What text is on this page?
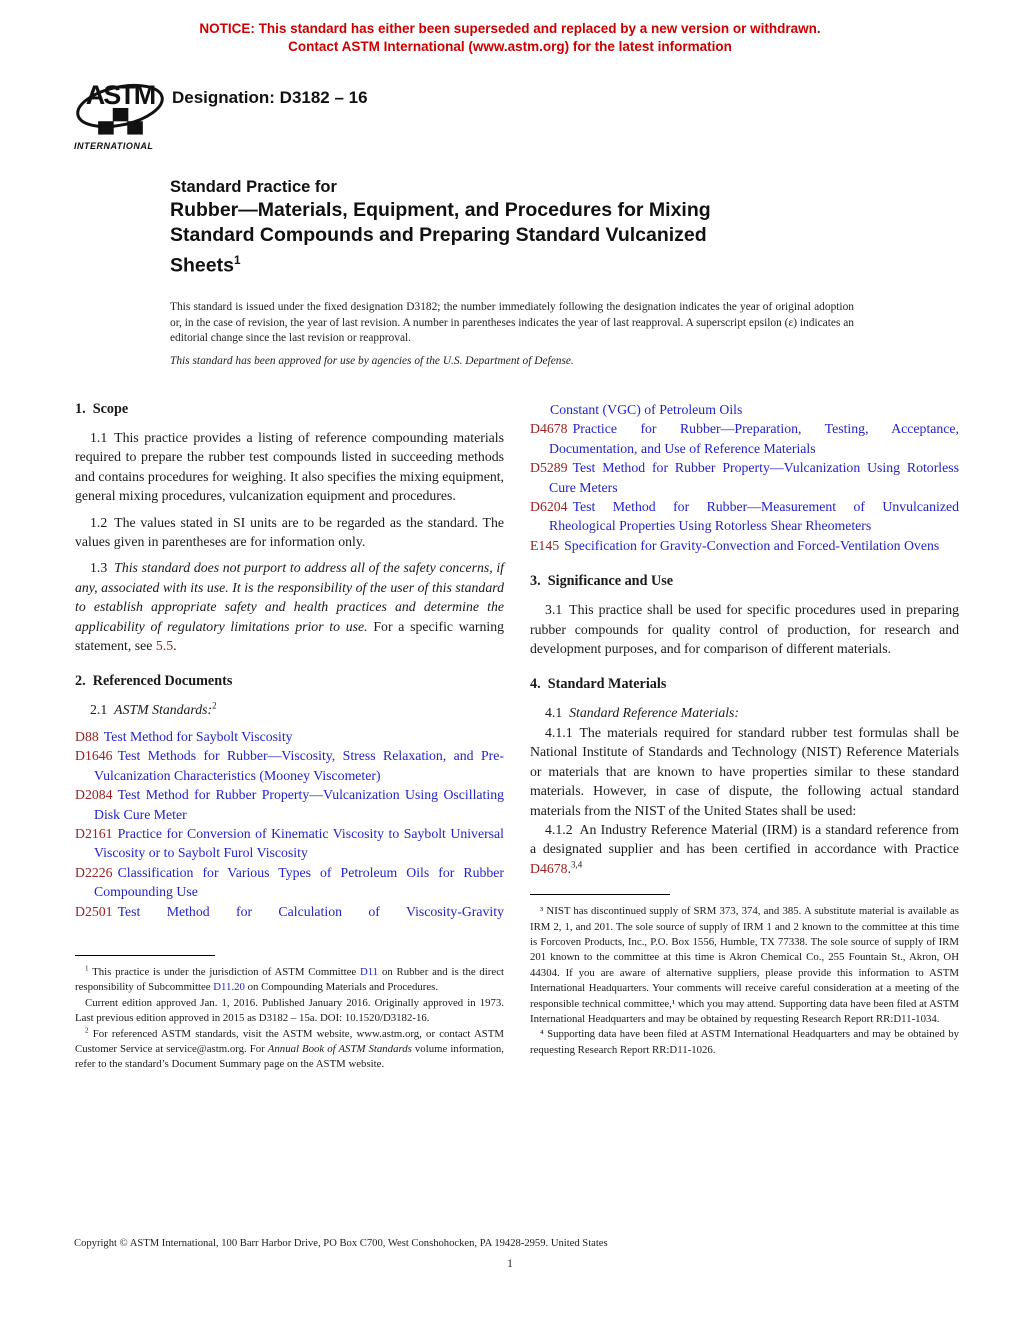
NOTICE: This standard has either been superseded and replaced by a new version or withdrawn.
Contact ASTM International (www.astm.org) for the latest information
ASTM
▄▀▄
INTERNATIONAL
Designation: D3182 – 16
Standard Practice for
Rubber—Materials, Equipment, and Procedures for Mixing
Standard Compounds and Preparing Standard Vulcanized
Sheets$^1$
This standard is issued under the fixed designation D3182; the number immediately following the designation indicates the year of original adoption or, in the case of revision, the year of last revision. A number in parentheses indicates the year of last reapproval. A superscript epsilon (ε) indicates an editorial change since the last revision or reapproval.
This standard has been approved for use by agencies of the U.S. Department of Defense.
1. Scope

1.1 This practice provides a listing of reference compounding materials required to prepare the rubber test compounds listed in succeeding methods and contains procedures for weighing. It also specifies the mixing equipment, general mixing procedures, vulcanization equipment and procedures.

1.2 The values stated in SI units are to be regarded as the standard. The values given in parentheses are for information only.

1.3 This standard does not purport to address all of the safety concerns, if any, associated with its use. It is the responsibility of the user of this standard to establish appropriate safety and health practices and determine the applicability of regulatory limitations prior to use. For a specific warning statement, see 5.5.

2. Referenced Documents

2.1 ASTM Standards:$^2$

D88 Test Method for Saybolt Viscosity
D1646 Test Methods for Rubber—Viscosity, Stress Relaxation, and Pre-Vulcanization Characteristics (Mooney Viscometer)
D2084 Test Method for Rubber Property—Vulcanization Using Oscillating Disk Cure Meter
D2161 Practice for Conversion of Kinematic Viscosity to Saybolt Universal Viscosity or to Saybolt Furol Viscosity
D2226 Classification for Various Types of Petroleum Oils for Rubber Compounding Use
D2501 Test Method for Calculation of Viscosity-Gravity

$^1$ This practice is under the jurisdiction of ASTM Committee D11 on Rubber and is the direct responsibility of Subcommittee D11.20 on Compounding Materials and Procedures.

Current edition approved Jan. 1, 2016. Published January 2016. Originally approved in 1973. Last previous edition approved in 2015 as D3182 – 15a. DOI: 10.1520/D3182-16.

$^2$ For referenced ASTM standards, visit the ASTM website, www.astm.org, or contact ASTM Customer Service at service@astm.org. For Annual Book of ASTM Standards volume information, refer to the standard’s Document Summary page on the ASTM website.

Constant (VGC) of Petroleum Oils
D4678 Practice for Rubber—Preparation, Testing, Acceptance, Documentation, and Use of Reference Materials
D5289 Test Method for Rubber Property—Vulcanization Using Rotorless Cure Meters
D6204 Test Method for Rubber—Measurement of Unvulcanized Rheological Properties Using Rotorless Shear Rheometers
E145 Specification for Gravity-Convection and Forced-Ventilation Ovens
3. Significance and Use

3.1 This practice shall be used for specific procedures used in preparing rubber compounds for quality control of production, for research and development purposes, and for comparison of different materials.

4. Standard Materials

4.1 Standard Reference Materials:

4.1.1 The materials required for standard rubber test formulas shall be National Institute of Standards and Technology (NIST) Reference Materials or materials that are known to have properties similar to these standard materials. However, in case of dispute, the following actual standard materials from the NIST of the United States shall be used:

4.1.2 An Industry Reference Material (IRM) is a standard reference from a designated supplier and has been certified in accordance with Practice D4678.$^{3,4}$

³ NIST has discontinued supply of SRM 373, 374, and 385. A substitute material is available as IRM 2, 1, and 201. The sole source of supply of IRM 1 and 2 known to the committee at this time is Forcoven Products, Inc., P.O. Box 1556, Humble, TX 77338. The sole source of supply of IRM 201 known to the committee at this time is Akron Chemical Co., 255 Fountain St., Akron, OH 44304. If you are aware of alternative suppliers, please provide this information to ASTM International Headquarters. Your comments will receive careful consideration at a meeting of the responsible technical committee,¹ which you may attend. Supporting data have been filed at ASTM International Headquarters and may be obtained by requesting Research Report RR:D11-1034.

⁴ Supporting data have been filed at ASTM International Headquarters and may be obtained by requesting Research Report RR:D11-1026.

Copyright © ASTM International, 100 Barr Harbor Drive, PO Box C700, West Conshohocken, PA 19428-2959. United States
1
